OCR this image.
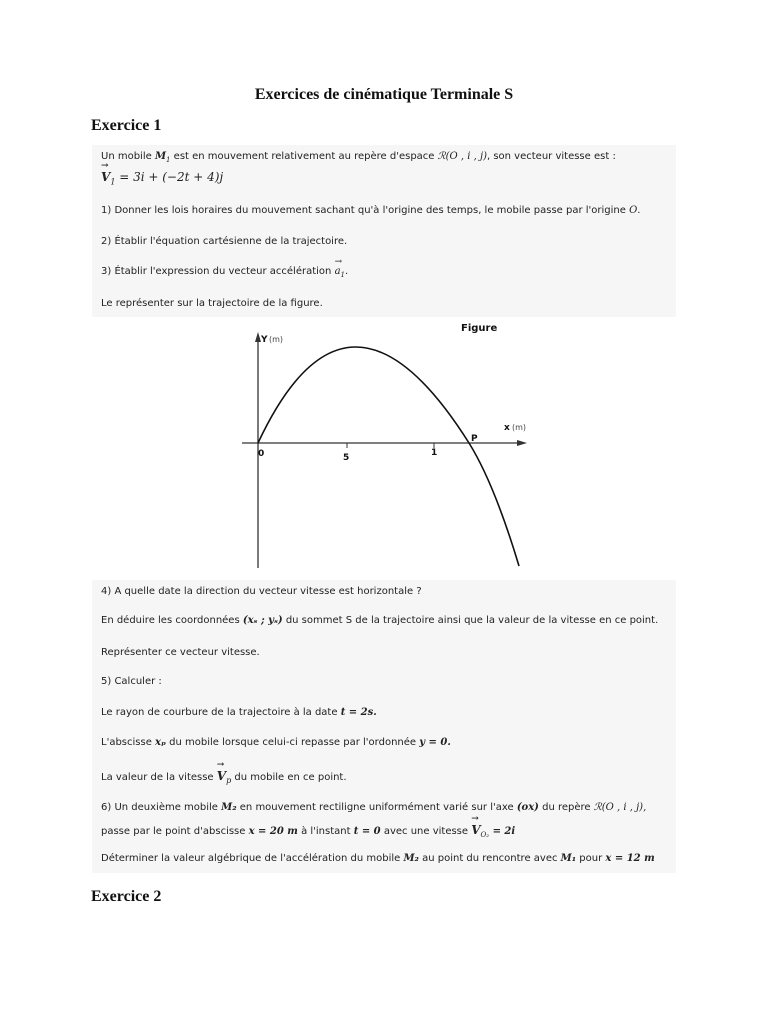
Exercices de cinématique Terminale S
Exercice 1
Un mobile $M_1$ est en mouvement relativement au repère d'espace ℛ(O , i , j), son vecteur vitesse est :
→ $V_1 = 3i + (-2t + 4)j$
1) Donner les lois horaires du mouvement sachant qu'à l'origine des temps, le mobile passe par l'origine O.
2) Établir l'équation cartésienne de la trajectoire.
3) Établir l'expression du vecteur accélération → $a_1$.
Le représenter sur la trajectoire de la figure.
Figure
Y (m)
x (m)
0	5	1
P
4) A quelle date la direction du vecteur vitesse est horizontale ?
En déduire les coordonnées (xₛ ; yₛ) du sommet S de la trajectoire ainsi que la valeur de la vitesse en ce point.
Représenter ce vecteur vitesse.
5) Calculer :
Le rayon de courbure de la trajectoire à la date t = 2s.
L'abscisse xₚ du mobile lorsque celui-ci repasse par l'ordonnée y = 0.
La valeur de la vitesse → $V_p$ du mobile en ce point.
6) Un deuxième mobile M₂ en mouvement rectiligne uniformément varié sur l'axe (ox) du repère ℛ(O , i , j),
passe par le point d'abscisse x = 20 m à l'instant t = 0 avec une vitesse → $V_{O_2} = 2i$
Déterminer la valeur algébrique de l'accélération du mobile M₂ au point du rencontre avec M₁ pour x = 12 m
Exercice 2
